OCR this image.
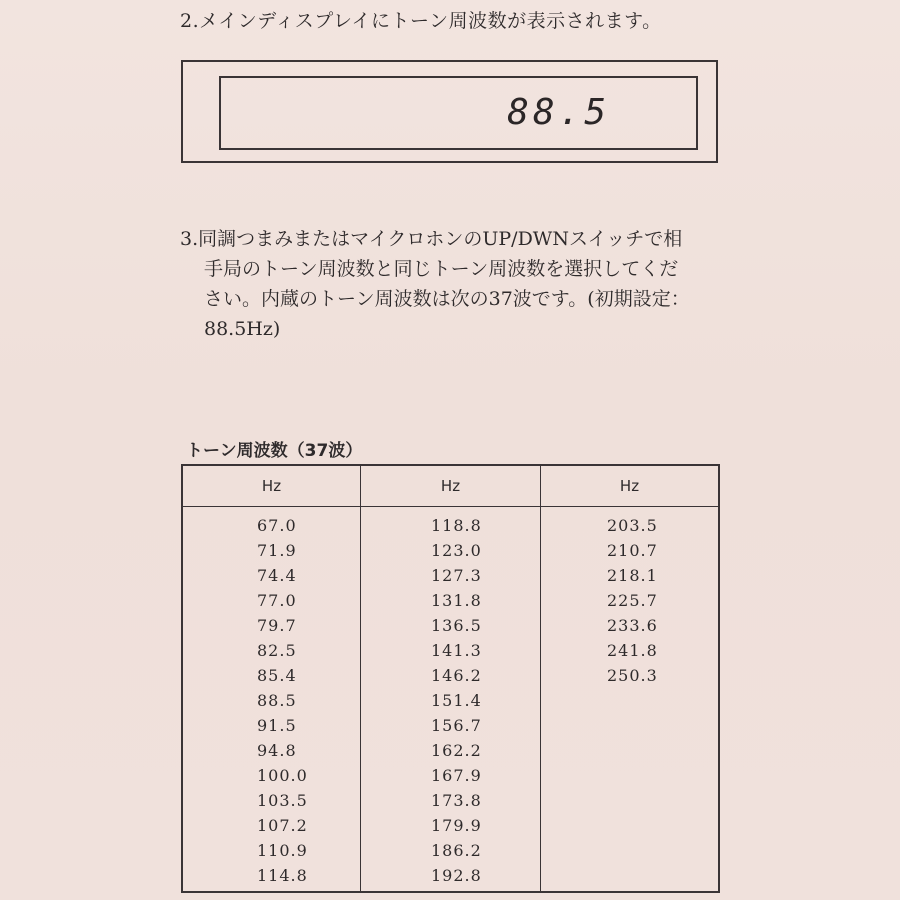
2.メインディスプレイにトーン周波数が表示されます。
88.5
3.同調つまみまたはマイクロホンのUP/DWNスイッチで相
手局のトーン周波数と同じトーン周波数を選択してくだ
さい。内蔵のトーン周波数は次の37波です。(初期設定：
88.5Hz)
トーン周波数（37波）
Hz
67.0
71.9
74.4
77.0
79.7
82.5
85.4
88.5
91.5
94.8
100.0
103.5
107.2
110.9
114.8
Hz
118.8
123.0
127.3
131.8
136.5
141.3
146.2
151.4
156.7
162.2
167.9
173.8
179.9
186.2
192.8
Hz
203.5
210.7
218.1
225.7
233.6
241.8
250.3
